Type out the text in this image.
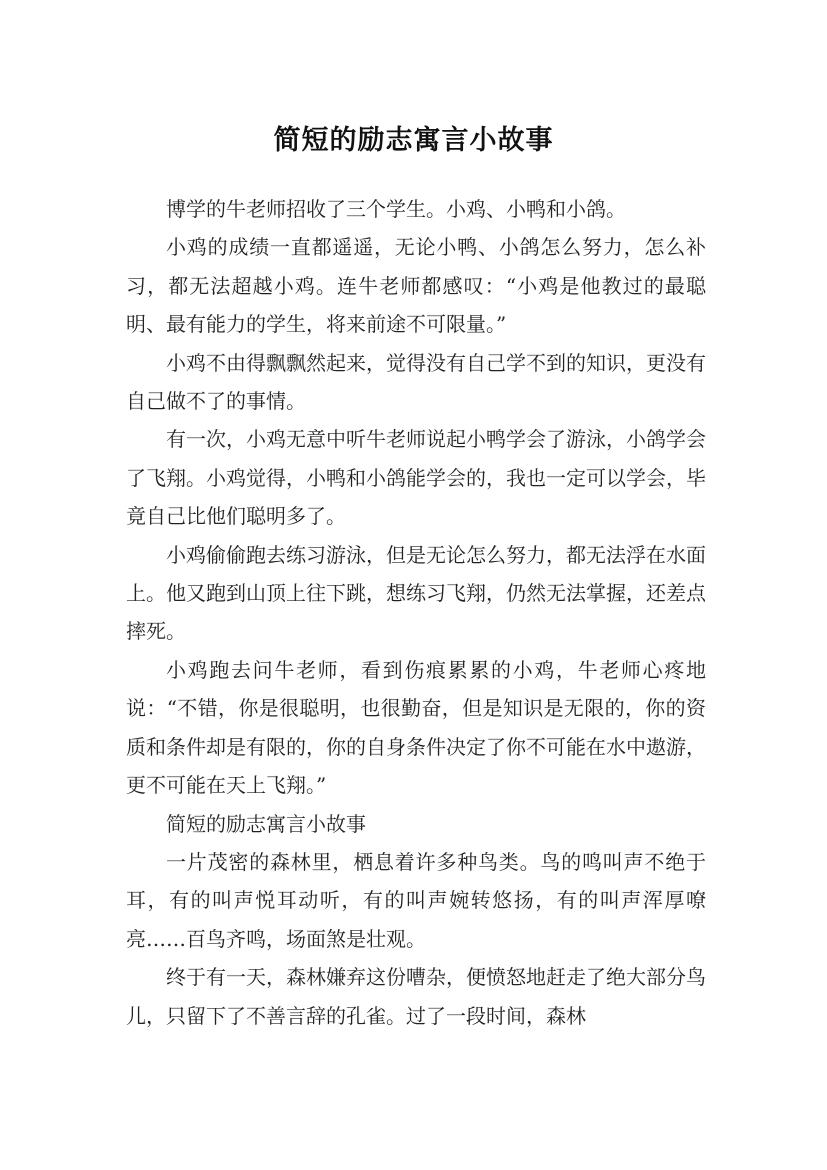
简短的励志寓言小故事

博学的牛老师招收了三个学生。小鸡、小鸭和小鸽。

小鸡的成绩一直都遥遥，无论小鸭、小鸽怎么努力，怎么补习，都无法超越小鸡。连牛老师都感叹：“小鸡是他教过的最聪明、最有能力的学生，将来前途不可限量。”

小鸡不由得飘飘然起来，觉得没有自己学不到的知识，更没有自己做不了的事情。

有一次，小鸡无意中听牛老师说起小鸭学会了游泳，小鸽学会了飞翔。小鸡觉得，小鸭和小鸽能学会的，我也一定可以学会，毕竟自己比他们聪明多了。

小鸡偷偷跑去练习游泳，但是无论怎么努力，都无法浮在水面上。他又跑到山顶上往下跳，想练习飞翔，仍然无法掌握，还差点摔死。

小鸡跑去问牛老师，看到伤痕累累的小鸡，牛老师心疼地说：“不错，你是很聪明，也很勤奋，但是知识是无限的，你的资质和条件却是有限的，你的自身条件决定了你不可能在水中遨游，更不可能在天上飞翔。”

简短的励志寓言小故事

一片茂密的森林里，栖息着许多种鸟类。鸟的鸣叫声不绝于耳，有的叫声悦耳动听，有的叫声婉转悠扬，有的叫声浑厚嘹亮……百鸟齐鸣，场面煞是壮观。

终于有一天，森林嫌弃这份嘈杂，便愤怒地赶走了绝大部分鸟儿，只留下了不善言辞的孔雀。过了一段时间，森林
